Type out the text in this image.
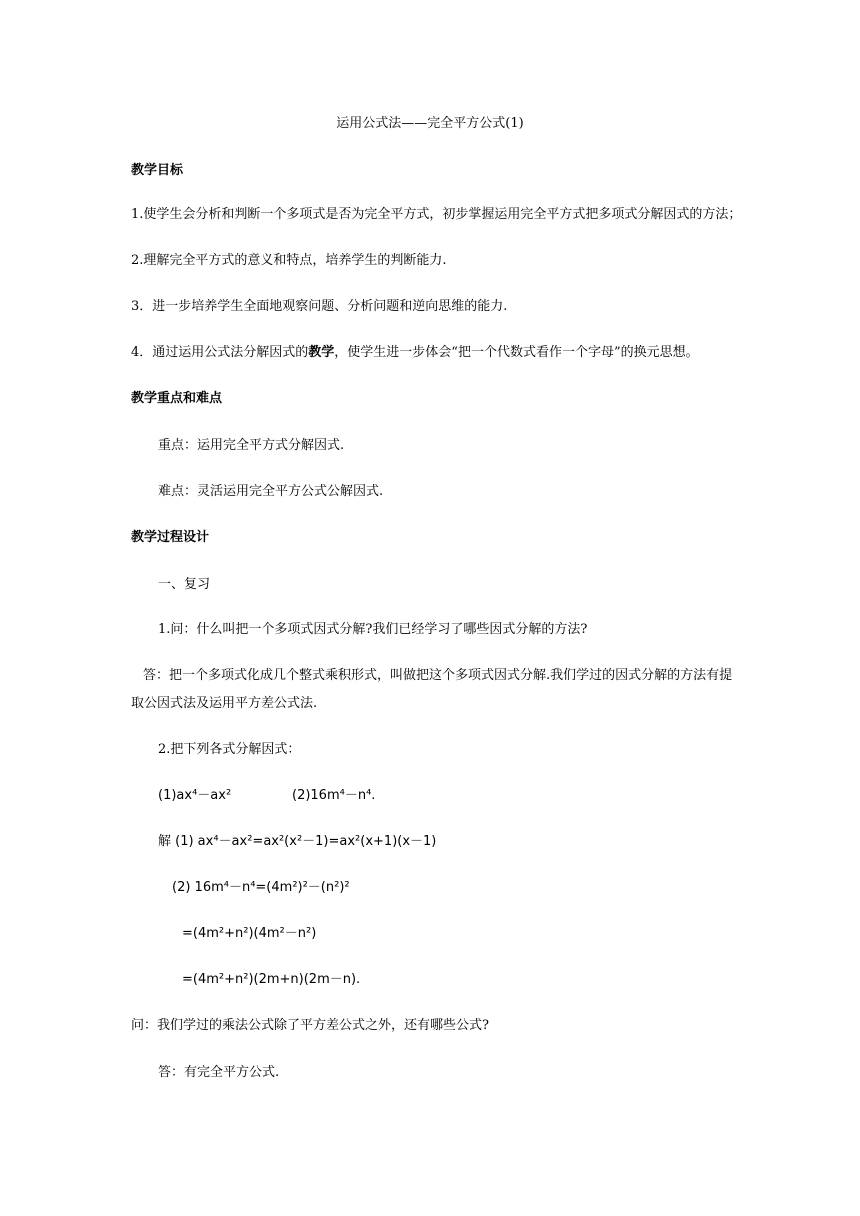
运用公式法——完全平方公式(1)
教学目标
1.使学生会分析和判断一个多项式是否为完全平方式，初步掌握运用完全平方式把多项式分解因式的方法；
2.理解完全平方式的意义和特点，培养学生的判断能力.
3．进一步培养学生全面地观察问题、分析问题和逆向思维的能力.
4．通过运用公式法分解因式的教学，使学生进一步体会“把一个代数式看作一个字母”的换元思想。
教学重点和难点
重点：运用完全平方式分解因式.
难点：灵活运用完全平方公式公解因式.
教学过程设计
一、复习
1.问：什么叫把一个多项式因式分解?我们已经学习了哪些因式分解的方法?
答：把一个多项式化成几个整式乘积形式，叫做把这个多项式因式分解.我们学过的因式分解的方法有提
取公因式法及运用平方差公式法.
2.把下列各式分解因式：
(1)ax⁴－ax²	(2)16m⁴－n⁴.
解 (1) ax⁴－ax²=ax²(x²－1)=ax²(x+1)(x－1)
(2) 16m⁴－n⁴=(4m²)²－(n²)²
=(4m²+n²)(4m²－n²)
=(4m²+n²)(2m+n)(2m－n).
问：我们学过的乘法公式除了平方差公式之外，还有哪些公式?
答：有完全平方公式.
